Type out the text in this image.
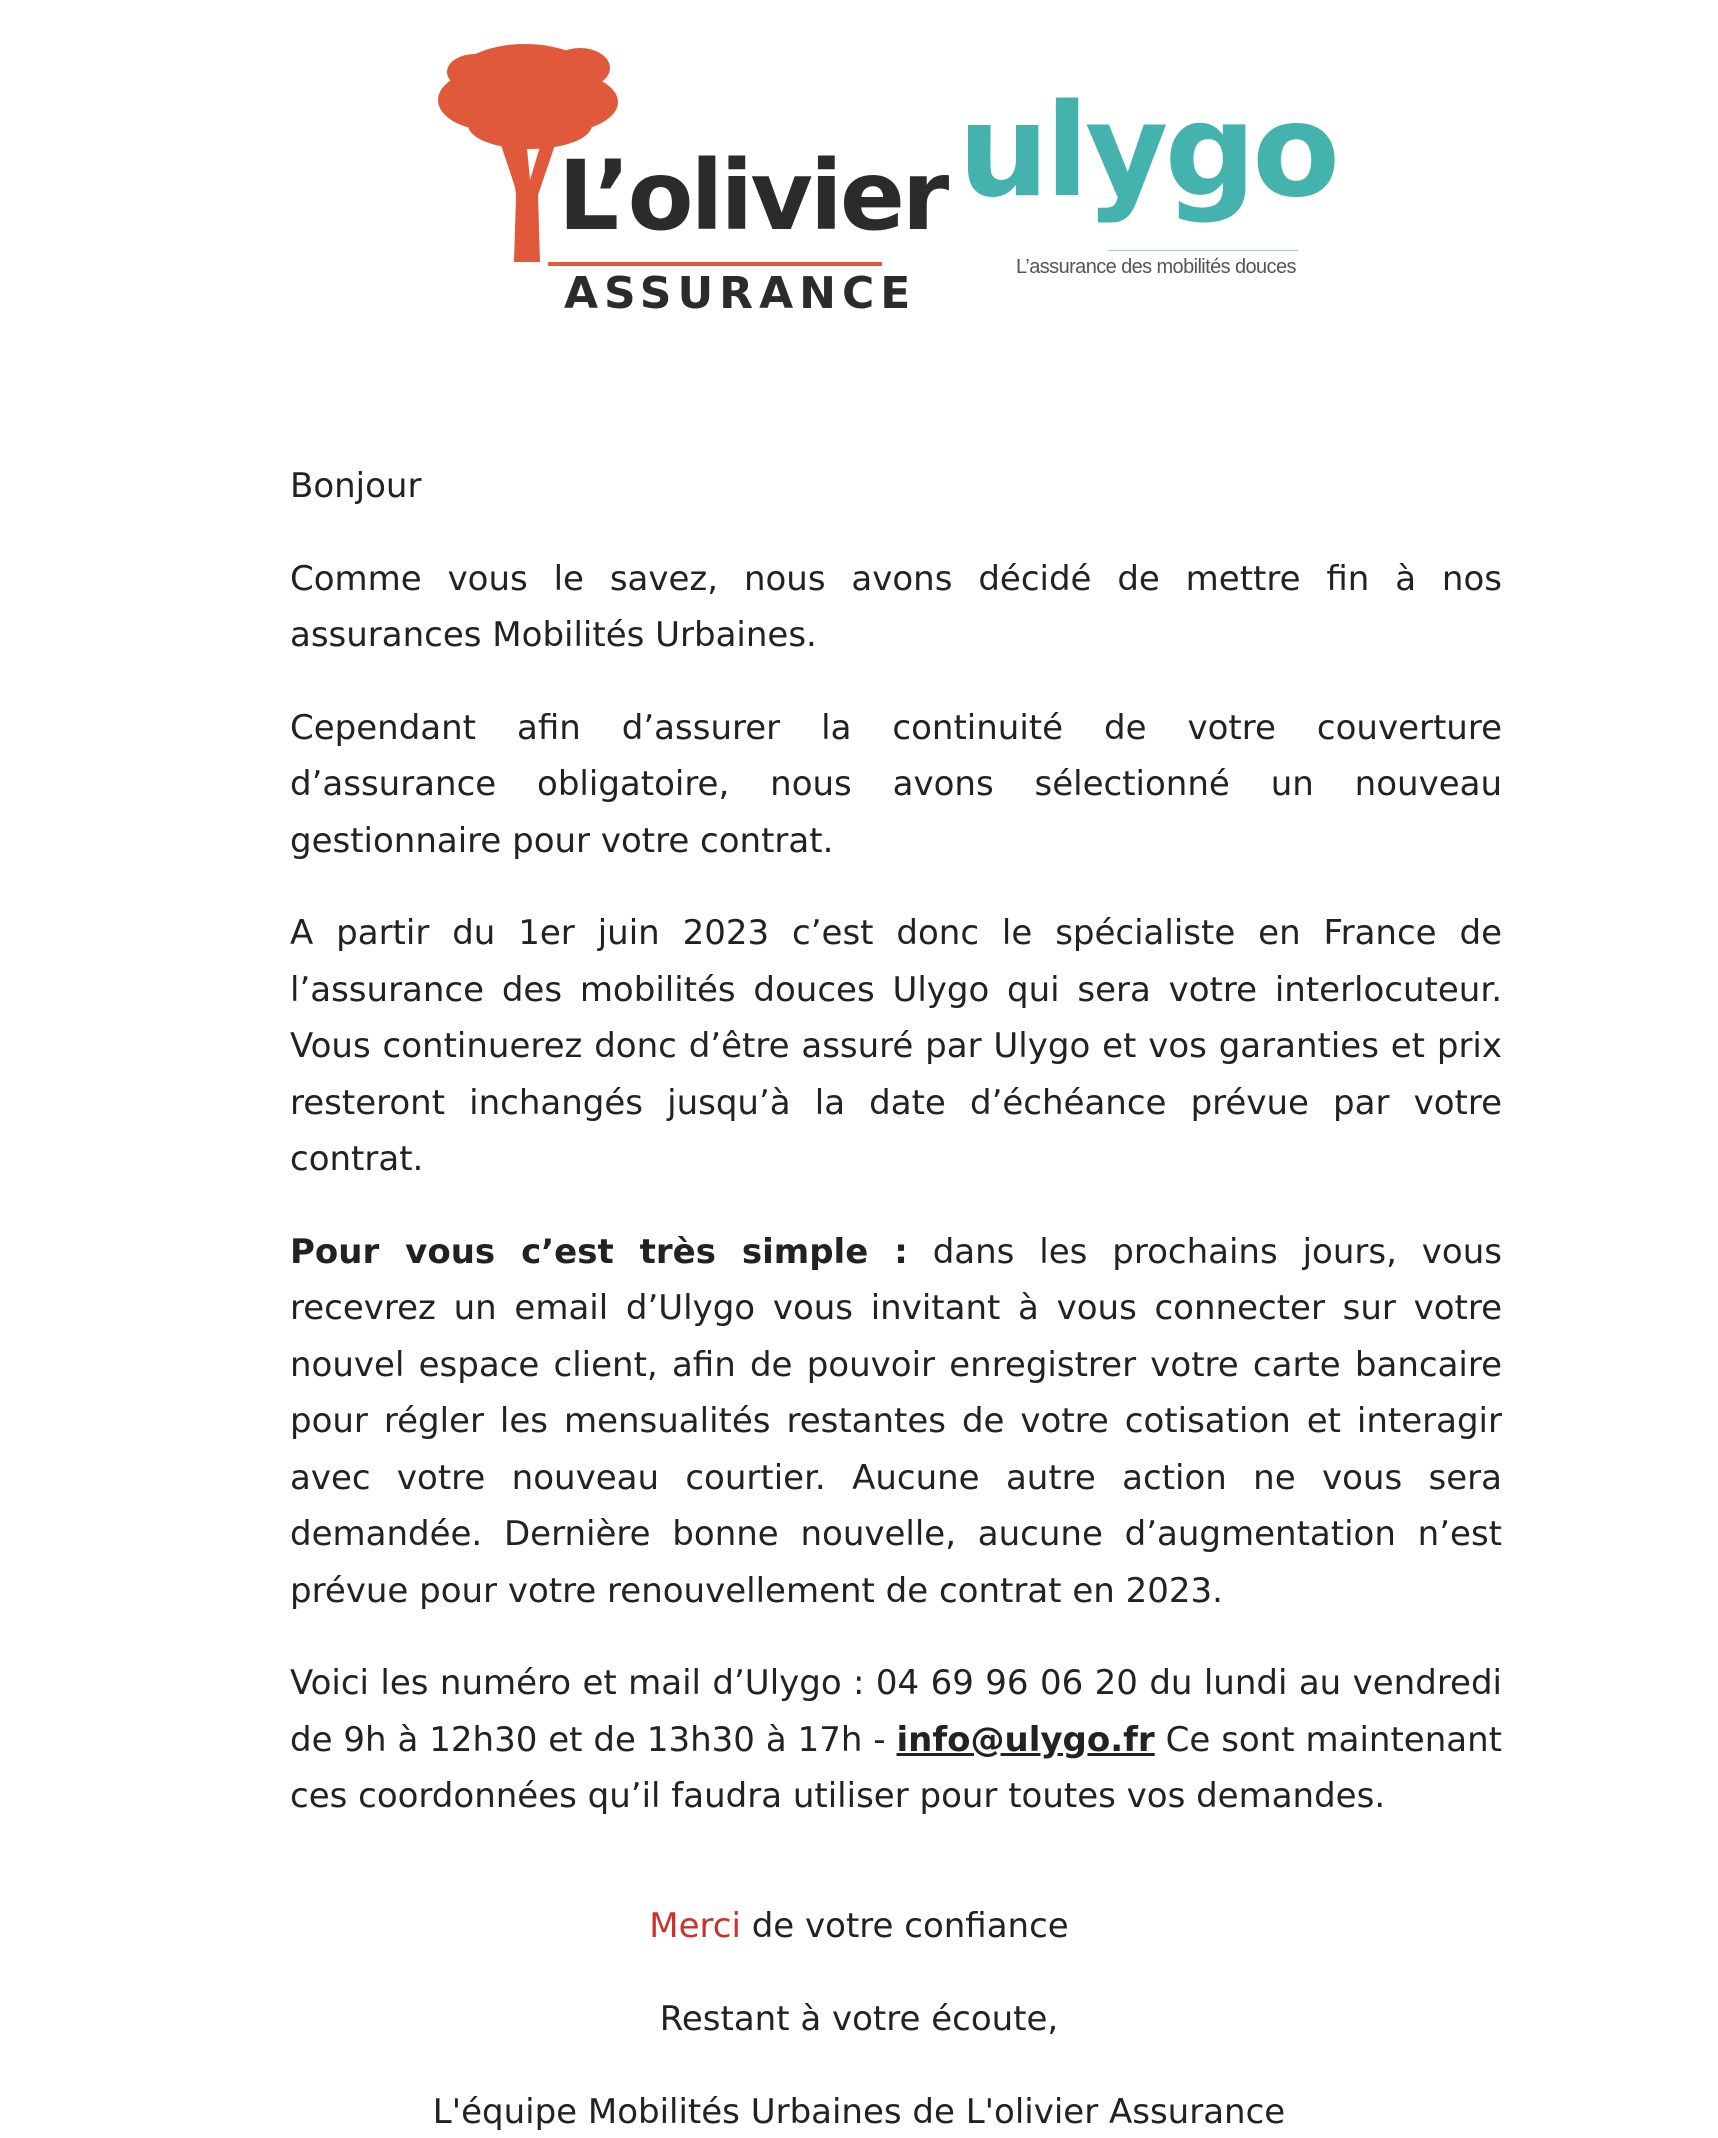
L’olivier
ASSURANCE
ulygo
L’assurance des mobilités douces

Bonjour

Comme vous le savez, nous avons décidé de mettre fin à nos assurances Mobilités Urbaines.

Cependant afin d’assurer la continuité de votre couverture d’assurance obligatoire, nous avons sélectionné un nouveau gestionnaire pour votre contrat.

A partir du 1er juin 2023 c’est donc le spécialiste en France de l’assurance des mobilités douces Ulygo qui sera votre interlocuteur. Vous continuerez donc d’être assuré par Ulygo et vos garanties et prix resteront inchangés jusqu’à la date d’échéance prévue par votre contrat.

Pour vous c’est très simple : dans les prochains jours, vous recevrez un email d’Ulygo vous invitant à vous connecter sur votre nouvel espace client, afin de pouvoir enregistrer votre carte bancaire pour régler les mensualités restantes de votre cotisation et interagir avec votre nouveau courtier. Aucune autre action ne vous sera demandée. Dernière bonne nouvelle, aucune d’augmentation n’est prévue pour votre renouvellement de contrat en 2023.

Voici les numéro et mail d’Ulygo : 04 69 96 06 20 du lundi au vendredi de 9h à 12h30 et de 13h30 à 17h - info@ulygo.fr Ce sont maintenant ces coordonnées qu’il faudra utiliser pour toutes vos demandes.

Merci de votre confiance
Restant à votre écoute,
L'équipe Mobilités Urbaines de L'olivier Assurance
